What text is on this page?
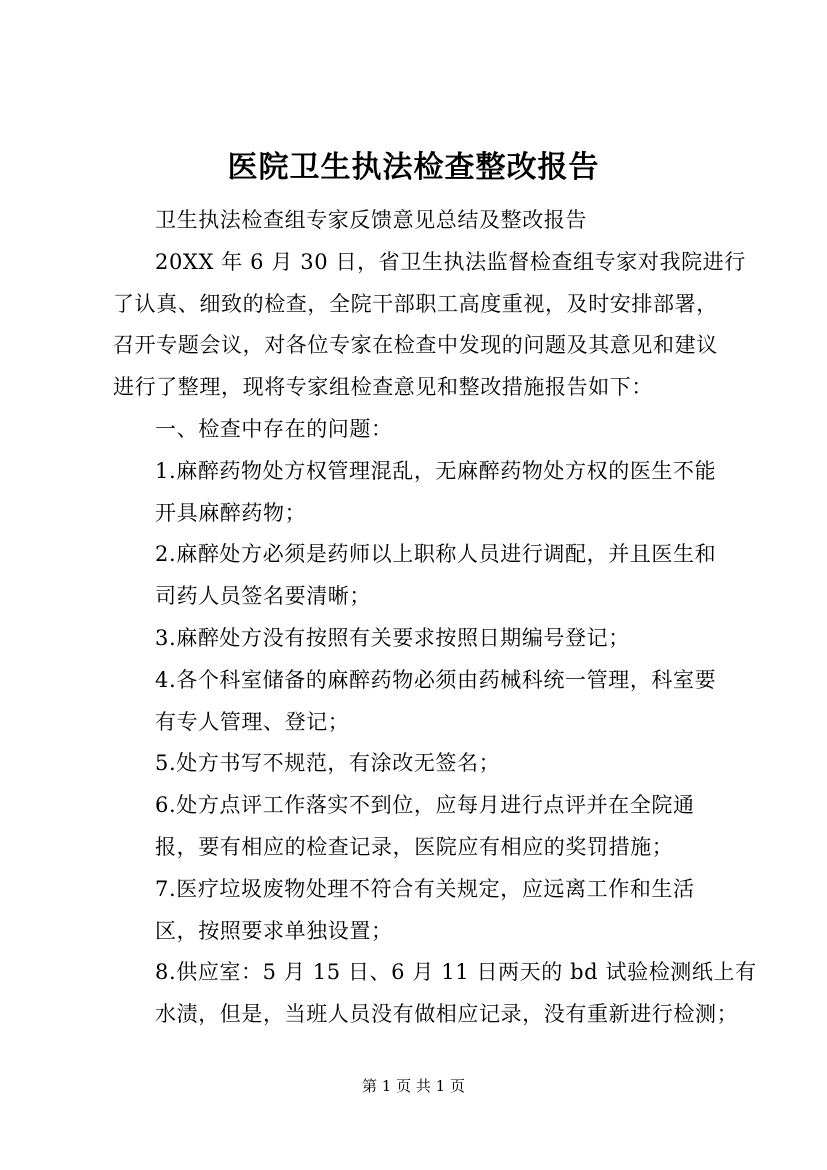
医院卫生执法检查整改报告
卫生执法检查组专家反馈意见总结及整改报告
20XX 年 6 月 30 日，省卫生执法监督检查组专家对我院进行
了认真、细致的检查，全院干部职工高度重视，及时安排部署，
召开专题会议，对各位专家在检查中发现的问题及其意见和建议
进行了整理，现将专家组检查意见和整改措施报告如下：
一、检查中存在的问题：
1.麻醉药物处方权管理混乱，无麻醉药物处方权的医生不能
开具麻醉药物；
2.麻醉处方必须是药师以上职称人员进行调配，并且医生和
司药人员签名要清晰；
3.麻醉处方没有按照有关要求按照日期编号登记；
4.各个科室储备的麻醉药物必须由药械科统一管理，科室要
有专人管理、登记；
5.处方书写不规范，有涂改无签名；
6.处方点评工作落实不到位，应每月进行点评并在全院通
报，要有相应的检查记录，医院应有相应的奖罚措施；
7.医疗垃圾废物处理不符合有关规定，应远离工作和生活
区，按照要求单独设置；
8.供应室：5 月 15 日、6 月 11 日两天的 bd 试验检测纸上有
水渍，但是，当班人员没有做相应记录，没有重新进行检测；
第 1 页 共 1 页
